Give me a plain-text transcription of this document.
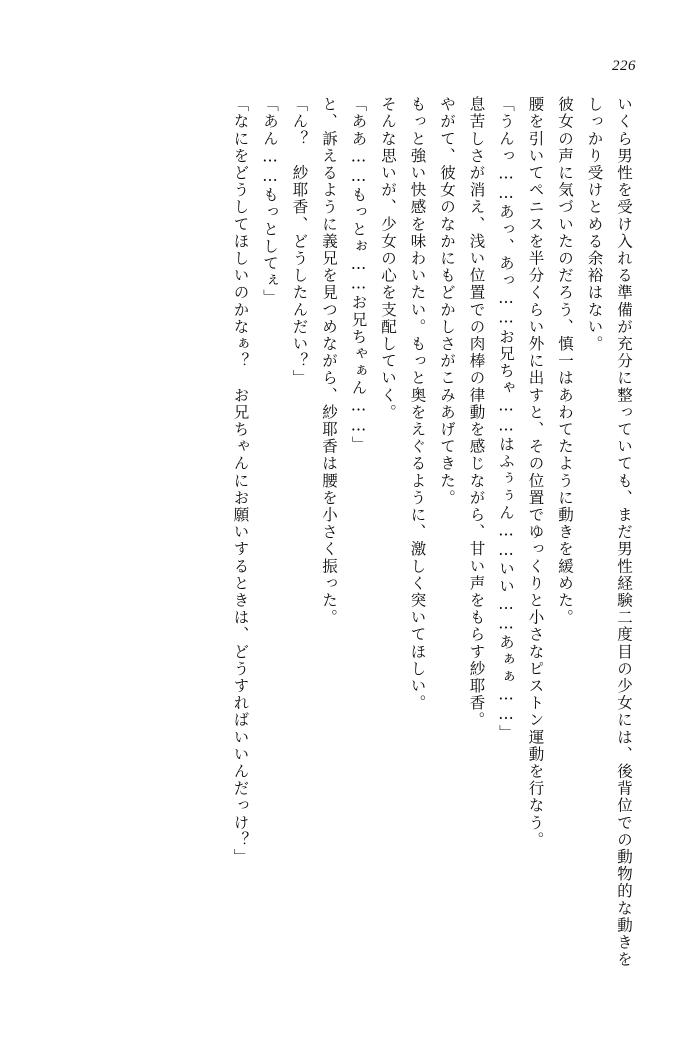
226

いくら男性を受け入れる準備が充分に整っていても、まだ男性経験二度目の少女には、後背位での動物的な動きをしっかり受けとめる余裕はない。

彼女の声に気づいたのだろう、慎一はあわてたように動きを緩めた。

腰を引いてペニスを半分くらい外に出すと、その位置でゆっくりと小さなピストン運動を行なう。

「うんっ……あっ、あっ……お兄ちゃ……はふぅぅん……いい……あぁぁ……」

息苦しさが消え、浅い位置での肉棒の律動を感じながら、甘い声をもらす紗耶香。

やがて、彼女のなかにもどかしさがこみあげてきた。

もっと強い快感を味わいたい。もっと奥をえぐるように、激しく突いてほしい。

そんな思いが、少女の心を支配していく。

「ああ……もっとぉ……お兄ちゃぁん……」

と、訴えるように義兄を見つめながら、紗耶香は腰を小さく振った。

「ん？　紗耶香、どうしたんだい？」

「あん……もっとしてぇ」

「なにをどうしてほしいのかなぁ？　お兄ちゃんにお願いするときは、どうすればいいんだっけ？」
